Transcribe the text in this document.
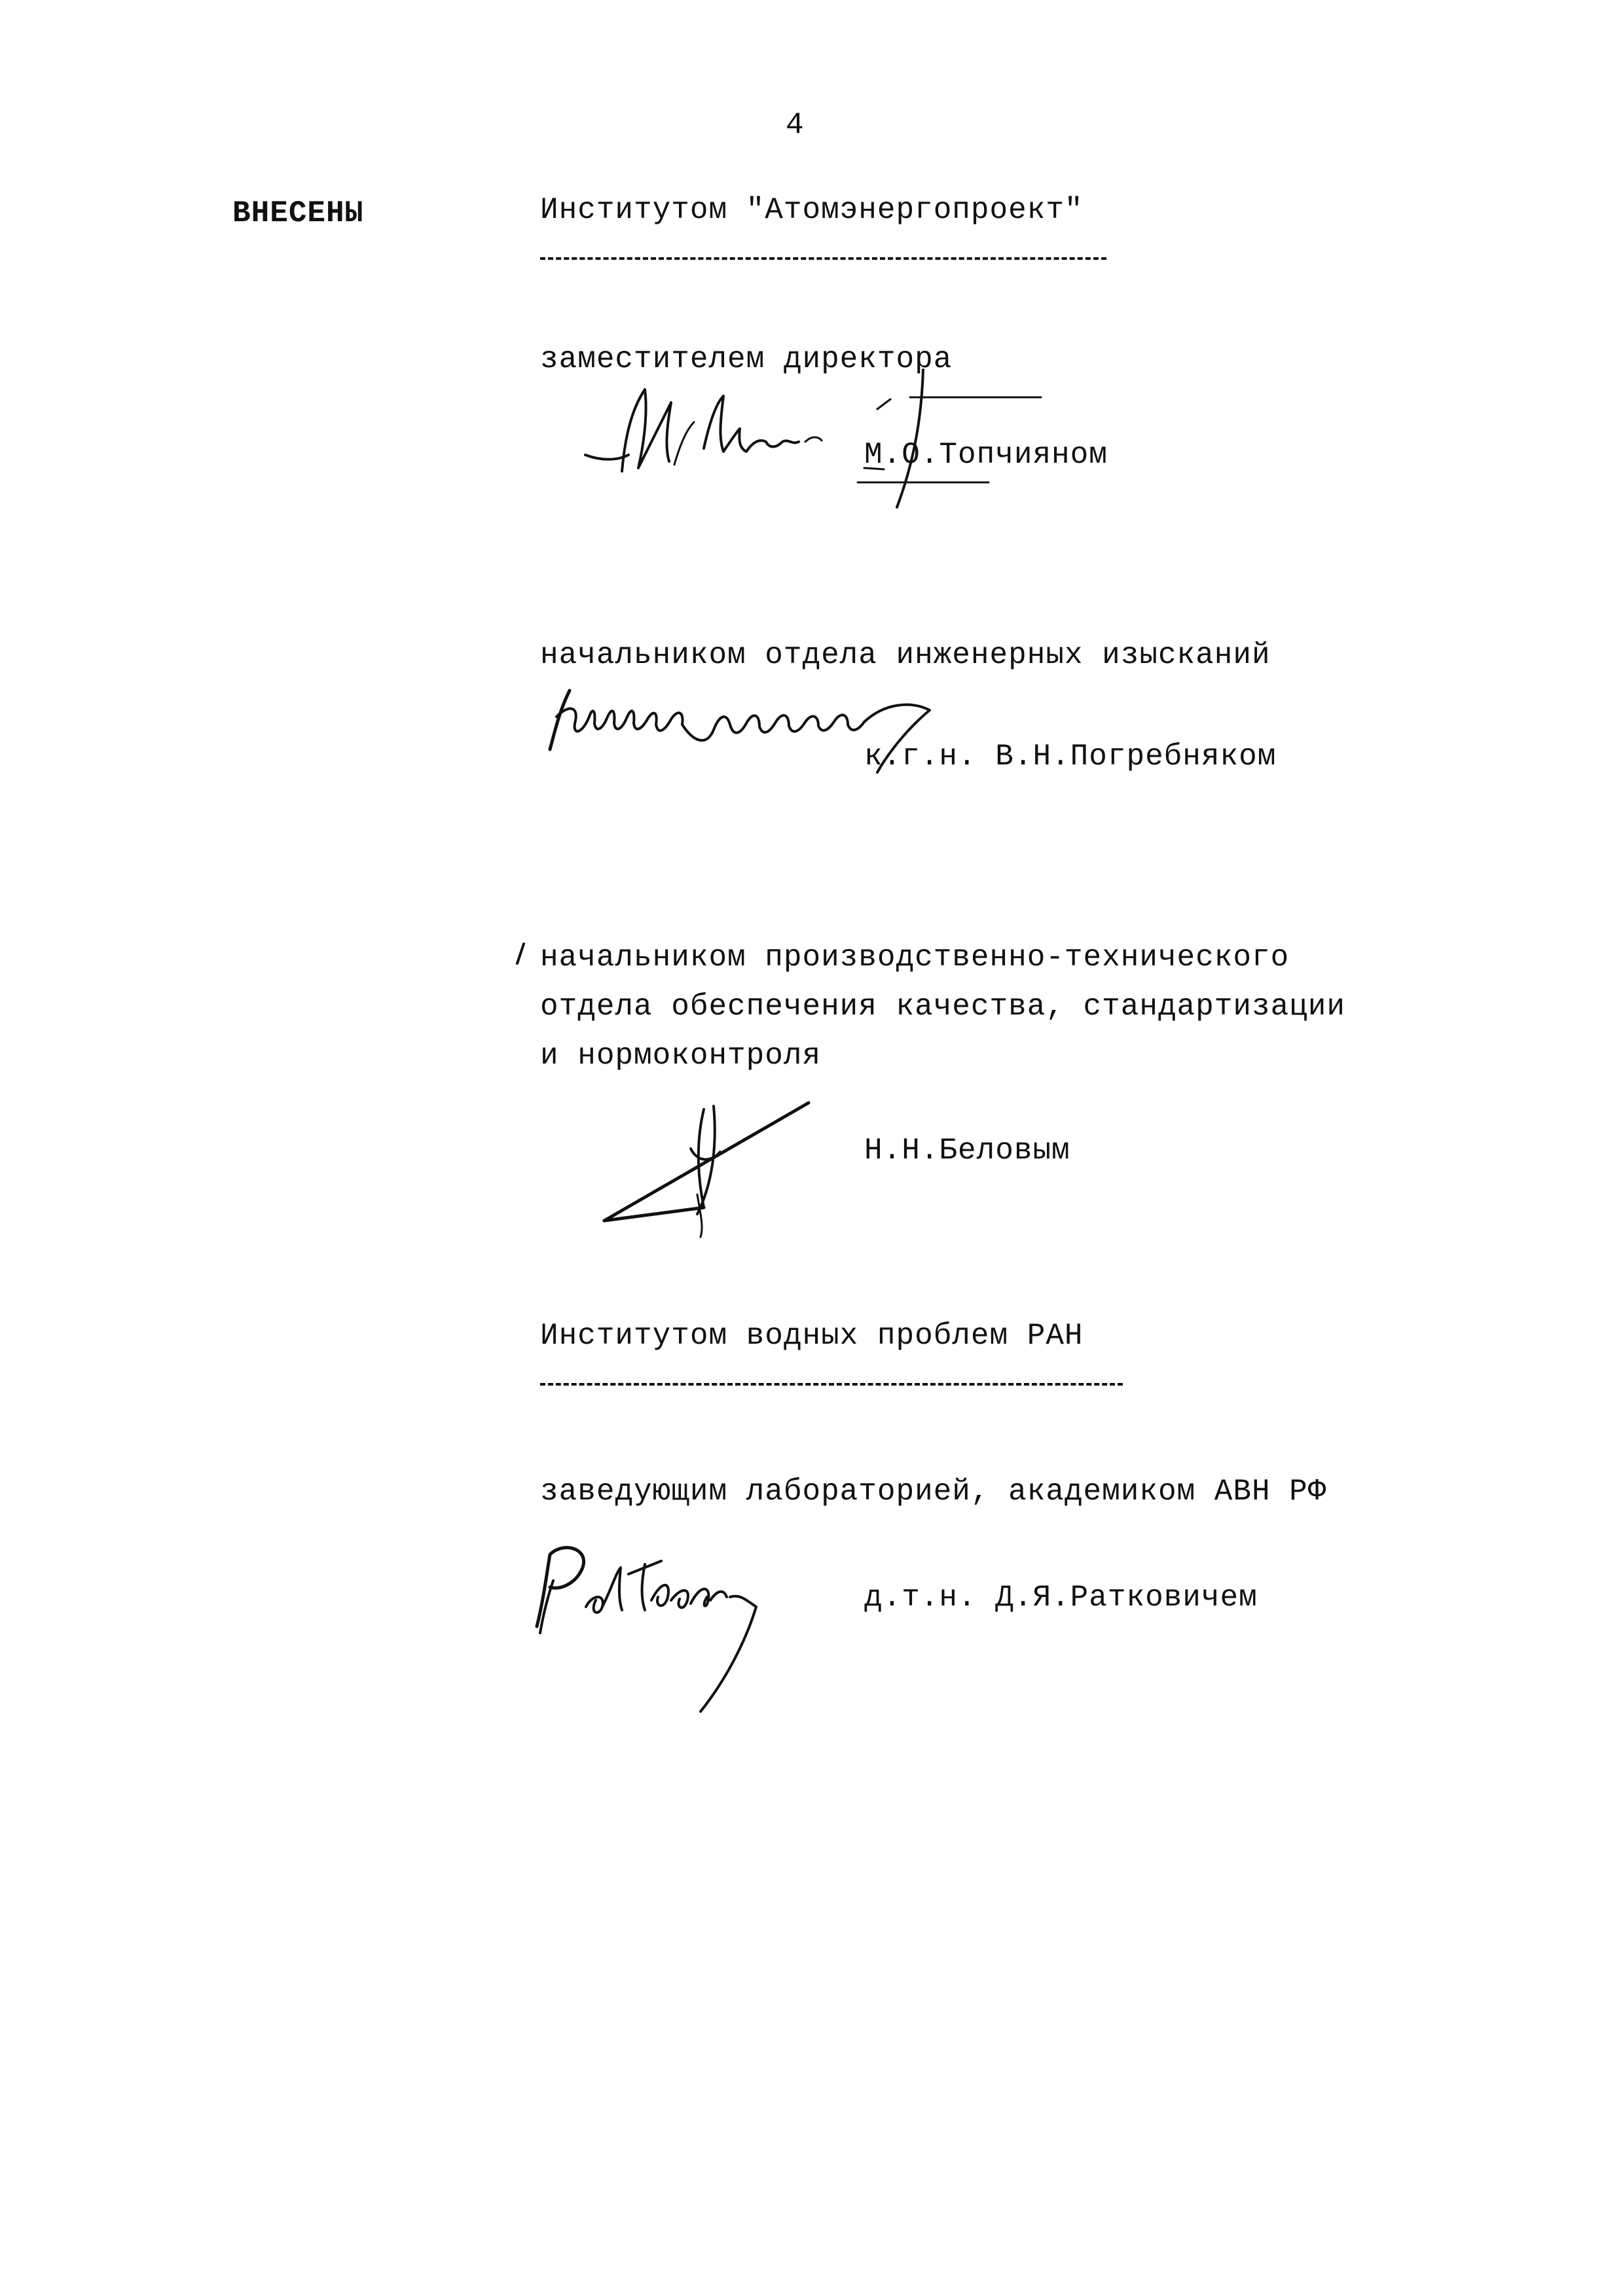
4
ВНЕСЕНЫ	Институтом "Атомэнергопроект"
заместителем директора
М.О.Топчияном
начальником отдела инженерных изысканий
к.г.н. В.Н.Погребняком
начальником производственно-технического
отдела обеспечения качества, стандартизации
и нормоконтроля
Н.Н.Беловым
Институтом водных проблем РАН
заведующим лабораторией, академиком АВН РФ
д.т.н. Д.Я.Ратковичем
